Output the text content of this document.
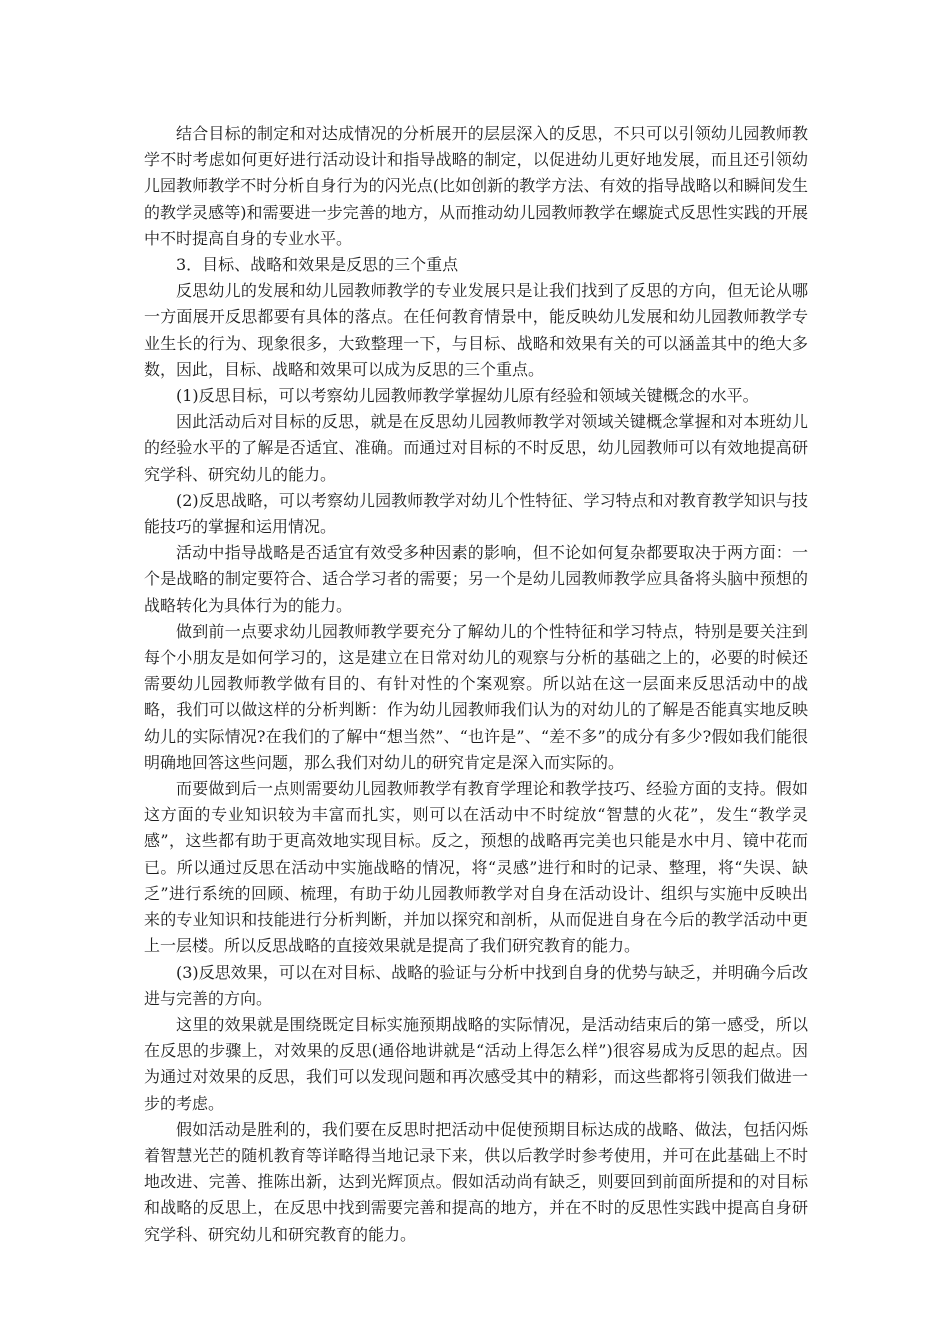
结合目标的制定和对达成情况的分析展开的层层深入的反思，不只可以引领幼儿园教师教学不时考虑如何更好进行活动设计和指导战略的制定，以促进幼儿更好地发展，而且还引领幼儿园教师教学不时分析自身行为的闪光点(比如创新的教学方法、有效的指导战略以和瞬间发生的教学灵感等)和需要进一步完善的地方，从而推动幼儿园教师教学在螺旋式反思性实践的开展中不时提高自身的专业水平。

3．目标、战略和效果是反思的三个重点

反思幼儿的发展和幼儿园教师教学的专业发展只是让我们找到了反思的方向，但无论从哪一方面展开反思都要有具体的落点。在任何教育情景中，能反映幼儿发展和幼儿园教师教学专业生长的行为、现象很多，大致整理一下，与目标、战略和效果有关的可以涵盖其中的绝大多数，因此，目标、战略和效果可以成为反思的三个重点。

(1)反思目标，可以考察幼儿园教师教学掌握幼儿原有经验和领域关键概念的水平。

因此活动后对目标的反思，就是在反思幼儿园教师教学对领域关键概念掌握和对本班幼儿的经验水平的了解是否适宜、准确。而通过对目标的不时反思，幼儿园教师可以有效地提高研究学科、研究幼儿的能力。

(2)反思战略，可以考察幼儿园教师教学对幼儿个性特征、学习特点和对教育教学知识与技能技巧的掌握和运用情况。

活动中指导战略是否适宜有效受多种因素的影响，但不论如何复杂都要取决于两方面：一个是战略的制定要符合、适合学习者的需要；另一个是幼儿园教师教学应具备将头脑中预想的战略转化为具体行为的能力。

做到前一点要求幼儿园教师教学要充分了解幼儿的个性特征和学习特点，特别是要关注到每个小朋友是如何学习的，这是建立在日常对幼儿的观察与分析的基础之上的，必要的时候还需要幼儿园教师教学做有目的、有针对性的个案观察。所以站在这一层面来反思活动中的战略，我们可以做这样的分析判断：作为幼儿园教师我们认为的对幼儿的了解是否能真实地反映幼儿的实际情况?在我们的了解中“想当然”、“也许是”、“差不多”的成分有多少?假如我们能很明确地回答这些问题，那么我们对幼儿的研究肯定是深入而实际的。

而要做到后一点则需要幼儿园教师教学有教育学理论和教学技巧、经验方面的支持。假如这方面的专业知识较为丰富而扎实，则可以在活动中不时绽放“智慧的火花”，发生“教学灵感”，这些都有助于更高效地实现目标。反之，预想的战略再完美也只能是水中月、镜中花而已。所以通过反思在活动中实施战略的情况，将“灵感”进行和时的记录、整理，将“失误、缺乏”进行系统的回顾、梳理，有助于幼儿园教师教学对自身在活动设计、组织与实施中反映出来的专业知识和技能进行分析判断，并加以探究和剖析，从而促进自身在今后的教学活动中更上一层楼。所以反思战略的直接效果就是提高了我们研究教育的能力。

(3)反思效果，可以在对目标、战略的验证与分析中找到自身的优势与缺乏，并明确今后改进与完善的方向。

这里的效果就是围绕既定目标实施预期战略的实际情况，是活动结束后的第一感受，所以在反思的步骤上，对效果的反思(通俗地讲就是“活动上得怎么样”)很容易成为反思的起点。因为通过对效果的反思，我们可以发现问题和再次感受其中的精彩，而这些都将引领我们做进一步的考虑。

假如活动是胜利的，我们要在反思时把活动中促使预期目标达成的战略、做法，包括闪烁着智慧光芒的随机教育等详略得当地记录下来，供以后教学时参考使用，并可在此基础上不时地改进、完善、推陈出新，达到光辉顶点。假如活动尚有缺乏，则要回到前面所提和的对目标和战略的反思上，在反思中找到需要完善和提高的地方，并在不时的反思性实践中提高自身研究学科、研究幼儿和研究教育的能力。
